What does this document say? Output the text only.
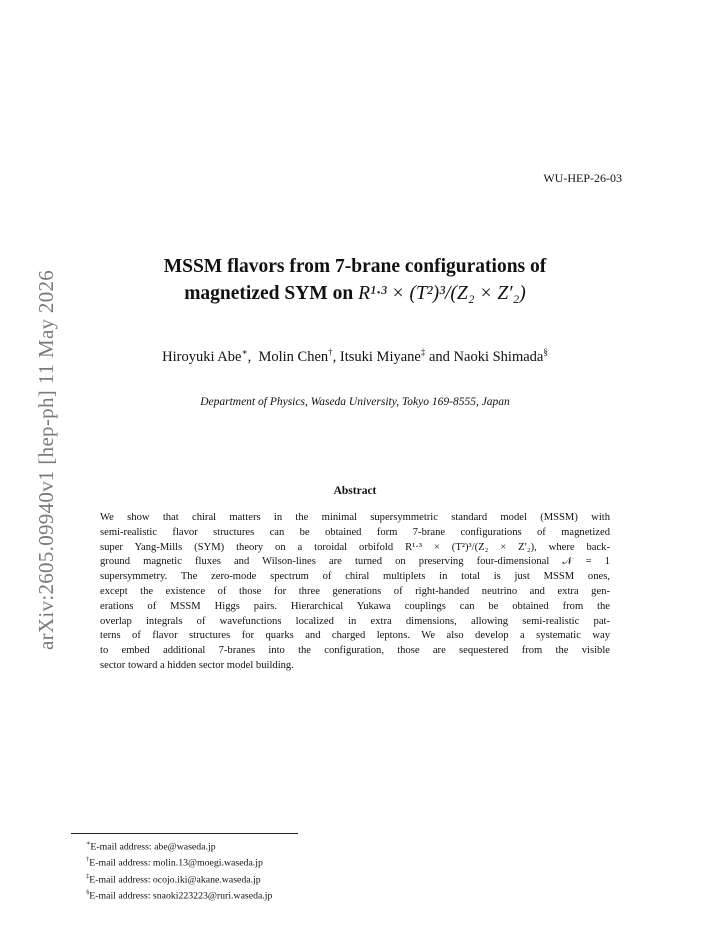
arXiv:2605.09940v1 [hep-ph] 11 May 2026
WU-HEP-26-03
MSSM flavors from 7-brane configurations of
magnetized SYM on R¹·³ × (T²)³/(Z₂ × Z′₂)
Hiroyuki Abe∗,  Molin Chen†, Itsuki Miyane‡ and Naoki Shimada§
Department of Physics, Waseda University, Tokyo 169-8555, Japan
Abstract
We show that chiral matters in the minimal supersymmetric standard model (MSSM) with
semi-realistic flavor structures can be obtained form 7-brane configurations of magnetized
super Yang-Mills (SYM) theory on a toroidal orbifold R¹·³ × (T²)³/(Z₂ × Z′₂), where back-
ground magnetic fluxes and Wilson-lines are turned on preserving four-dimensional 𝒩 = 1
supersymmetry. The zero-mode spectrum of chiral multiplets in total is just MSSM ones,
except the existence of those for three generations of right-handed neutrino and extra gen-
erations of MSSM Higgs pairs. Hierarchical Yukawa couplings can be obtained from the
overlap integrals of wavefunctions localized in extra dimensions, allowing semi-realistic pat-
terns of flavor structures for quarks and charged leptons. We also develop a systematic way
to embed additional 7-branes into the configuration, those are sequestered from the visible
sector toward a hidden sector model building.
∗E-mail address: abe@waseda.jp
†E-mail address: molin.13@moegi.waseda.jp
‡E-mail address: ocojo.iki@akane.waseda.jp
§E-mail address: snaoki223223@ruri.waseda.jp
